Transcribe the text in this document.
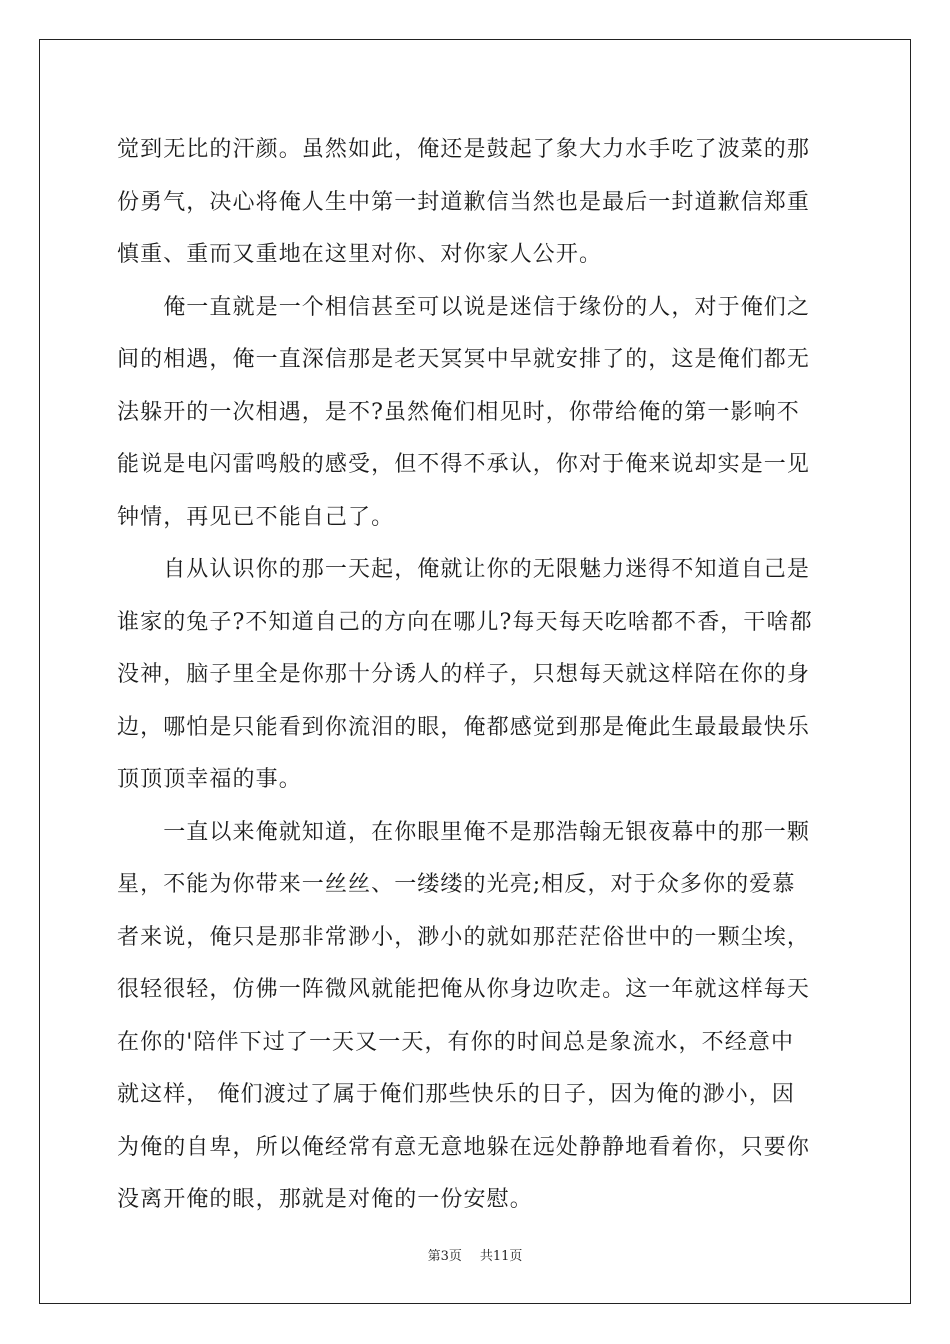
觉到无比的汗颜。虽然如此，俺还是鼓起了象大力水手吃了波菜的那
份勇气，决心将俺人生中第一封道歉信当然也是最后一封道歉信郑重
慎重、重而又重地在这里对你、对你家人公开。
　　俺一直就是一个相信甚至可以说是迷信于缘份的人，对于俺们之
间的相遇，俺一直深信那是老天冥冥中早就安排了的，这是俺们都无
法躲开的一次相遇，是不?虽然俺们相见时，你带给俺的第一影响不
能说是电闪雷鸣般的感受，但不得不承认，你对于俺来说却实是一见
钟情，再见已不能自己了。
　　自从认识你的那一天起，俺就让你的无限魅力迷得不知道自己是
谁家的兔子?不知道自己的方向在哪儿?每天每天吃啥都不香，干啥都
没神，脑子里全是你那十分诱人的样子，只想每天就这样陪在你的身
边，哪怕是只能看到你流泪的眼，俺都感觉到那是俺此生最最最快乐
顶顶顶幸福的事。
　　一直以来俺就知道，在你眼里俺不是那浩翰无银夜幕中的那一颗
星，不能为你带来一丝丝、一缕缕的光亮;相反，对于众多你的爱慕
者来说，俺只是那非常渺小，渺小的就如那茫茫俗世中的一颗尘埃，
很轻很轻，仿佛一阵微风就能把俺从你身边吹走。这一年就这样每天
在你的'陪伴下过了一天又一天，有你的时间总是象流水，不经意中
就这样， 俺们渡过了属于俺们那些快乐的日子，因为俺的渺小，因
为俺的自卑，所以俺经常有意无意地躲在远处静静地看着你，只要你
没离开俺的眼，那就是对俺的一份安慰。
第3页 共11页
